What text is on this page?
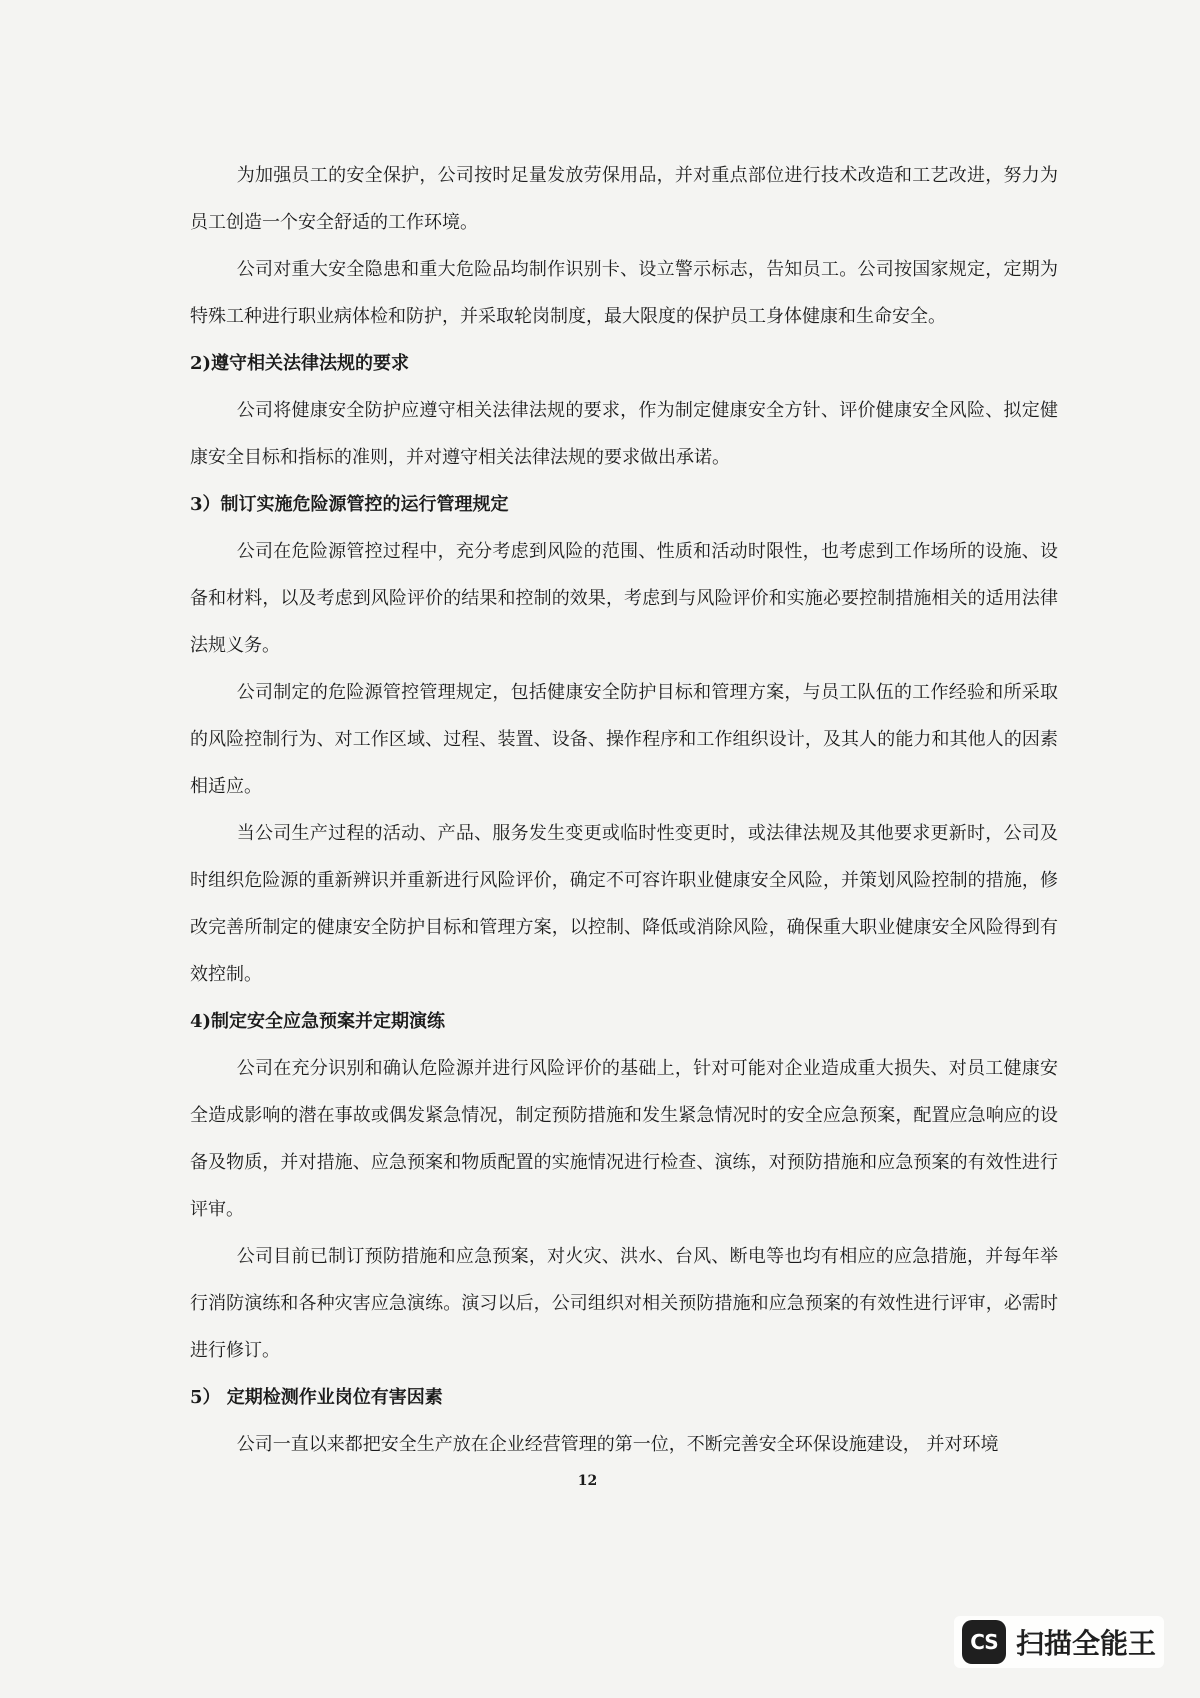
为加强员工的安全保护，公司按时足量发放劳保用品，并对重点部位进行技术改造和工艺改进，努力为员工创造一个安全舒适的工作环境。

公司对重大安全隐患和重大危险品均制作识别卡、设立警示标志，告知员工。公司按国家规定，定期为特殊工种进行职业病体检和防护，并采取轮岗制度，最大限度的保护员工身体健康和生命安全。

2)遵守相关法律法规的要求

公司将健康安全防护应遵守相关法律法规的要求，作为制定健康安全方针、评价健康安全风险、拟定健康安全目标和指标的准则，并对遵守相关法律法规的要求做出承诺。

3）制订实施危险源管控的运行管理规定

公司在危险源管控过程中，充分考虑到风险的范围、性质和活动时限性，也考虑到工作场所的设施、设备和材料，以及考虑到风险评价的结果和控制的效果，考虑到与风险评价和实施必要控制措施相关的适用法律法规义务。

公司制定的危险源管控管理规定，包括健康安全防护目标和管理方案，与员工队伍的工作经验和所采取的风险控制行为、对工作区域、过程、装置、设备、操作程序和工作组织设计，及其人的能力和其他人的因素相适应。

当公司生产过程的活动、产品、服务发生变更或临时性变更时，或法律法规及其他要求更新时，公司及时组织危险源的重新辨识并重新进行风险评价，确定不可容许职业健康安全风险，并策划风险控制的措施，修改完善所制定的健康安全防护目标和管理方案，以控制、降低或消除风险，确保重大职业健康安全风险得到有效控制。

4)制定安全应急预案并定期演练

公司在充分识别和确认危险源并进行风险评价的基础上，针对可能对企业造成重大损失、对员工健康安全造成影响的潜在事故或偶发紧急情况，制定预防措施和发生紧急情况时的安全应急预案，配置应急响应的设备及物质，并对措施、应急预案和物质配置的实施情况进行检查、演练，对预防措施和应急预案的有效性进行评审。

公司目前已制订预防措施和应急预案，对火灾、洪水、台风、断电等也均有相应的应急措施，并每年举行消防演练和各种灾害应急演练。演习以后，公司组织对相关预防措施和应急预案的有效性进行评审，必需时进行修订。

5） 定期检测作业岗位有害因素

公司一直以来都把安全生产放在企业经营管理的第一位，不断完善安全环保设施建设， 并对环境

12
CS 扫描全能王
